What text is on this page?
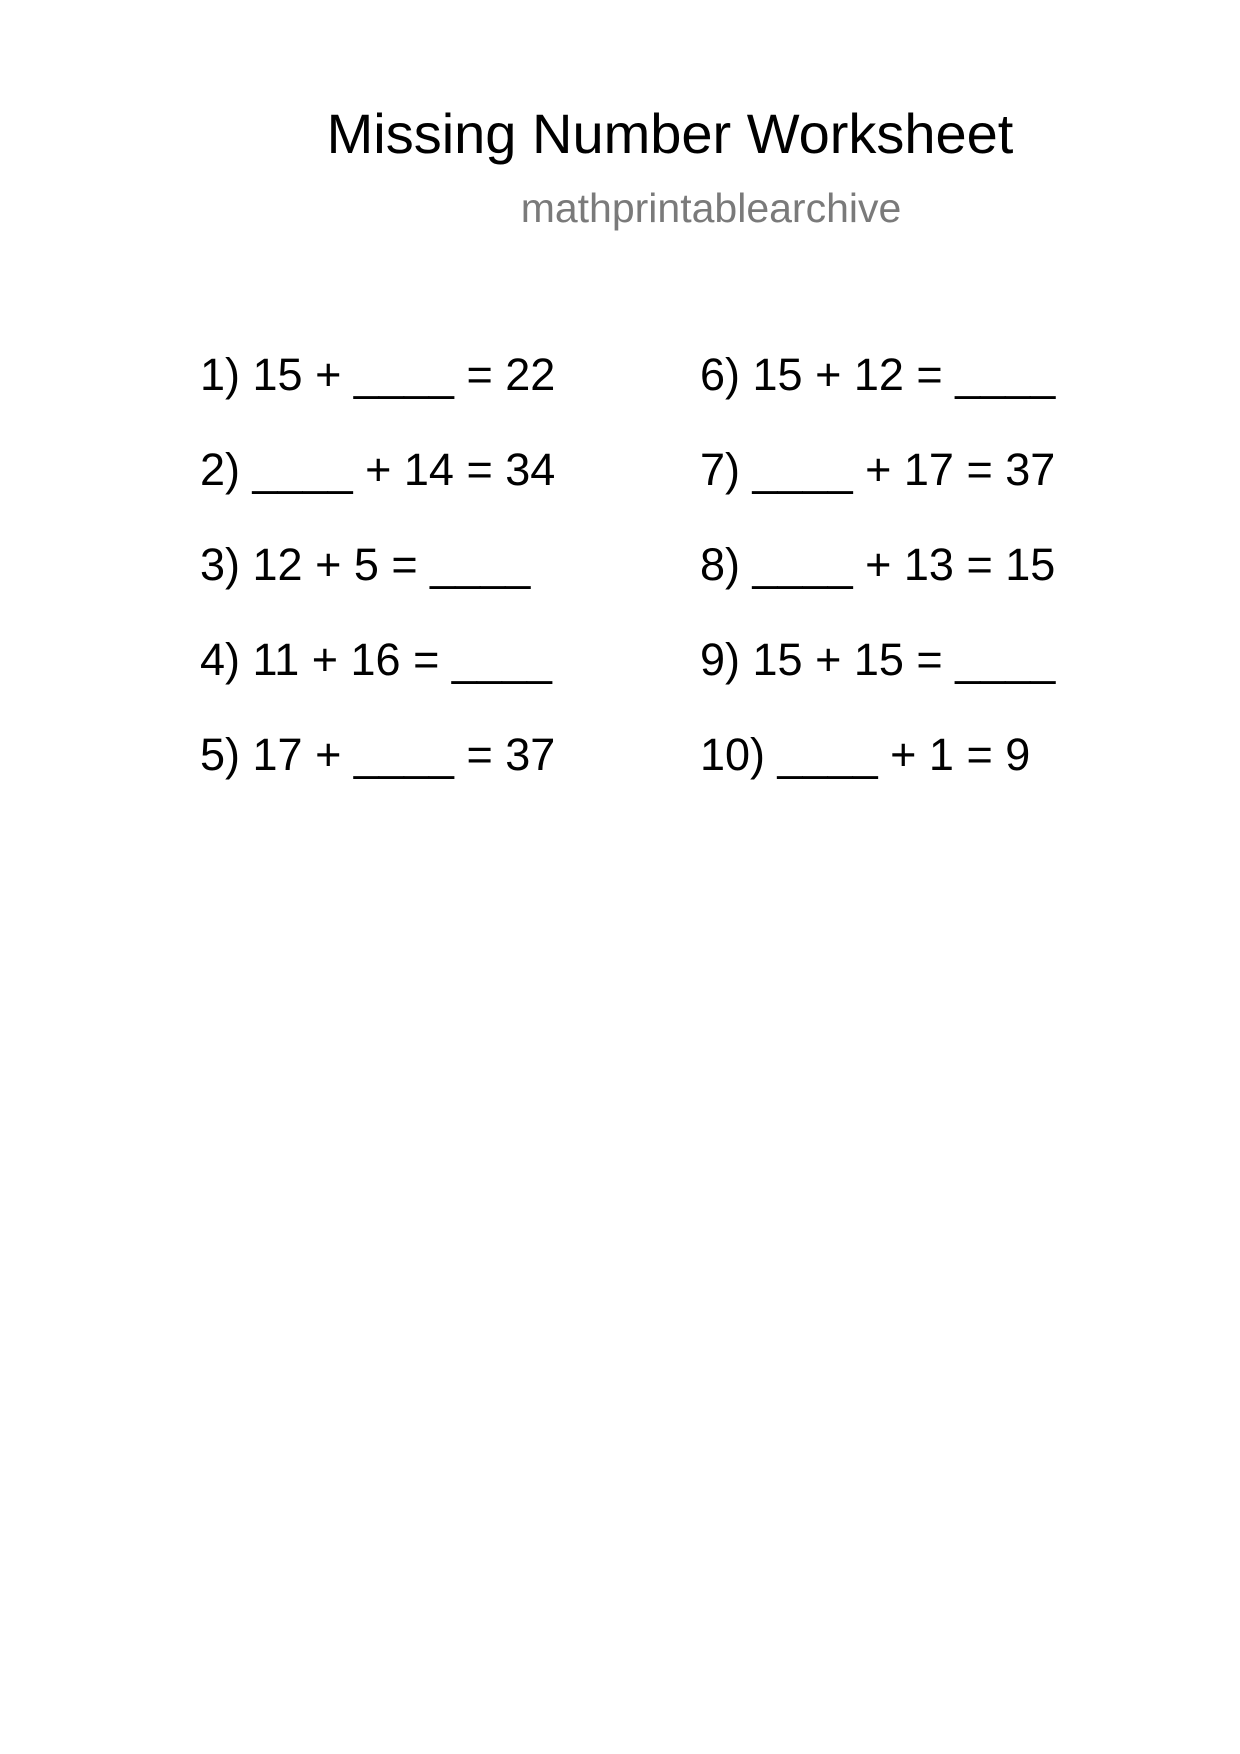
Missing Number Worksheet
mathprintablearchive
1) 15 + ____ = 22
2) ____ + 14 = 34
3) 12 + 5 = ____
4) 11 + 16 = ____
5) 17 + ____ = 37
6) 15 + 12 = ____
7) ____ + 17 = 37
8) ____ + 13 = 15
9) 15 + 15 = ____
10) ____ + 1 = 9
